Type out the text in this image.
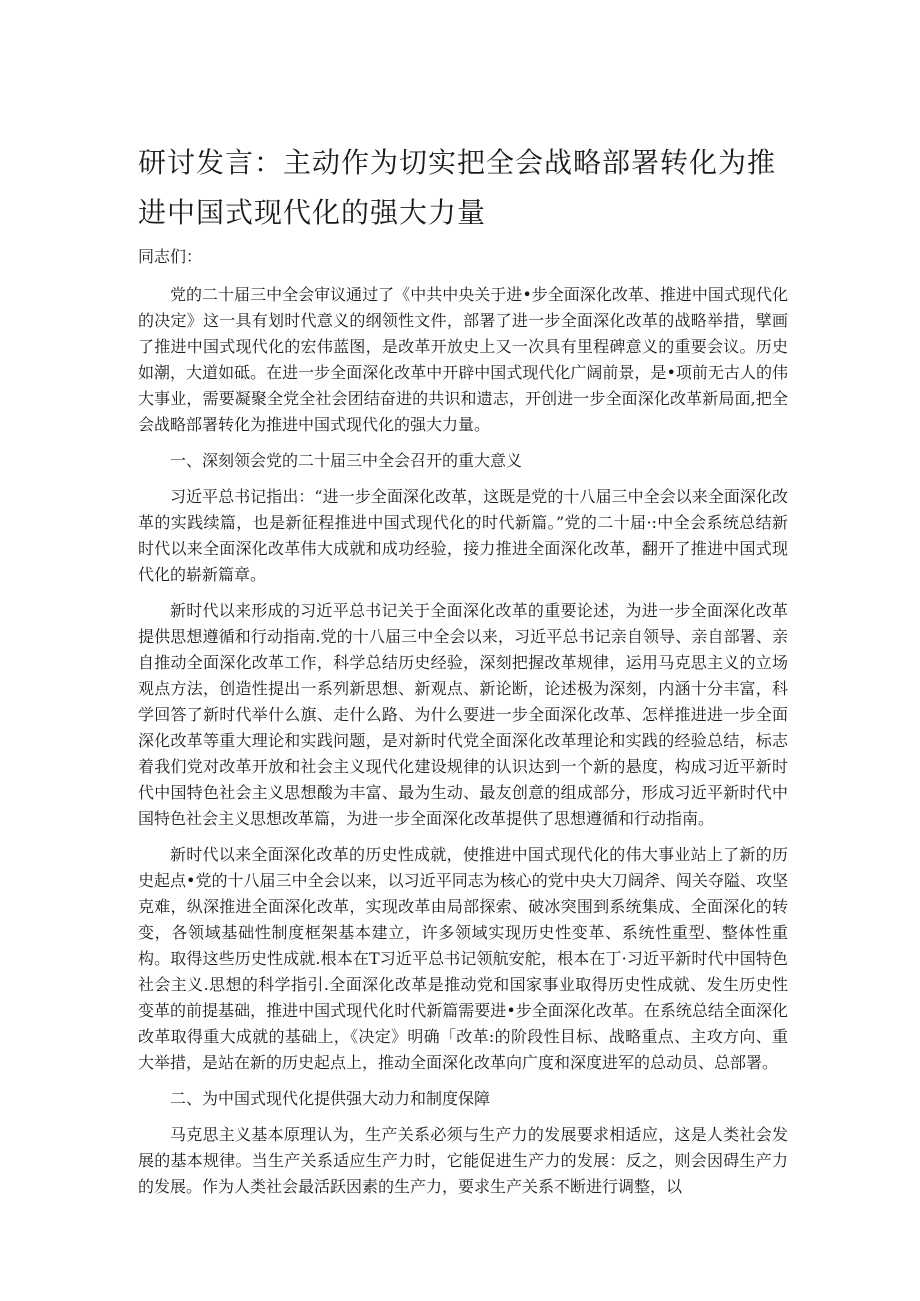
研讨发言：主动作为切实把全会战略部署转化为推进中国式现代化的强大力量

同志们：

党的二十届三中全会审议通过了《中共中央关于进•步全面深化改革、推进中国式现代化的决定》这一具有划时代意义的纲领性文件，部署了进一步全面深化改革的战略举措，擘画了推进中国式现代化的宏伟蓝图，是改革开放史上又一次具有里程碑意义的重要会议。历史如潮，大道如砥。在进一步全面深化改革中开辟中国式现代化广阔前景，是•项前无古人的伟大事业，需要凝聚全党全社会团结奋进的共识和遗志，开创进一步全面深化改革新局面,把全会战略部署转化为推进中国式现代化的强大力量。

一、深刻领会党的二十届三中全会召开的重大意义

习近平总书记指出：“进一步全面深化改革，这既是党的十八届三中全会以来全面深化改革的实践续篇，也是新征程推进中国式现代化的时代新篇。”党的二十届·:中全会系统总结新时代以来全面深化改革伟大成就和成功经验，接力推进全面深化改革，翻开了推进中国式现代化的崭新篇章。

新时代以来形成的习近平总书记关于全面深化改革的重要论述，为进一步全面深化改革提供思想遵循和行动指南.党的十八届三中全会以来，习近平总书记亲自领导、亲自部署、亲自推动全面深化改革工作，科学总结历史经验，深刻把握改革规律，运用马克思主义的立场观点方法，创造性提出一系列新思想、新观点、新论断，论述极为深刻，内涵十分丰富，科学回答了新时代举什么旗、走什么路、为什么要进一步全面深化改革、怎样推进进一步全面深化改革等重大理论和实践问题，是对新时代党全面深化改革理论和实践的经验总结，标志着我们党对改革开放和社会主义现代化建设规律的认识达到一个新的悬度，构成习近平新时代中国特色社会主义思想酸为丰富、最为生动、最友创意的组成部分，形成习近平新时代中国特色社会主义思想改革篇，为进一步全面深化改革提供了思想遵循和行动指南。

新时代以来全面深化改革的历史性成就，使推进中国式现代化的伟大事业站上了新的历史起点•党的十八届三中全会以来，以习近平同志为核心的党中央大刀阔斧、闯关夺隘、攻坚克难，纵深推进全面深化改革，实现改革由局部探索、破冰突围到系统集成、全面深化的转变，各领域基础性制度框架基本建立，许多领域实现历史性变革、系统性重型、整体性重构。取得这些历史性成就.根本在T习近平总书记领航安舵，根本在丁·习近平新时代中国特色社会主义.思想的科学指引.全面深化改革是推动党和国家事业取得历史性成就、发生历史性变革的前提基础，推进中国式现代化时代新篇需要进•步全面深化改革。在系统总结全面深化改革取得重大成就的基础上，《决定》明确「改革:的阶段性目标、战略重点、主攻方向、重大举措，是站在新的历史起点上，推动全面深化改革向广度和深度进军的总动员、总部署。

二、为中国式现代化提供强大动力和制度保障

马克思主义基本原理认为，生产关系必须与生产力的发展要求相适应，这是人类社会发展的基本规律。当生产关系适应生产力时，它能促进生产力的发展：反之，则会因碍生产力的发展。作为人类社会最活跃因素的生产力，要求生产关系不断进行调整，以
